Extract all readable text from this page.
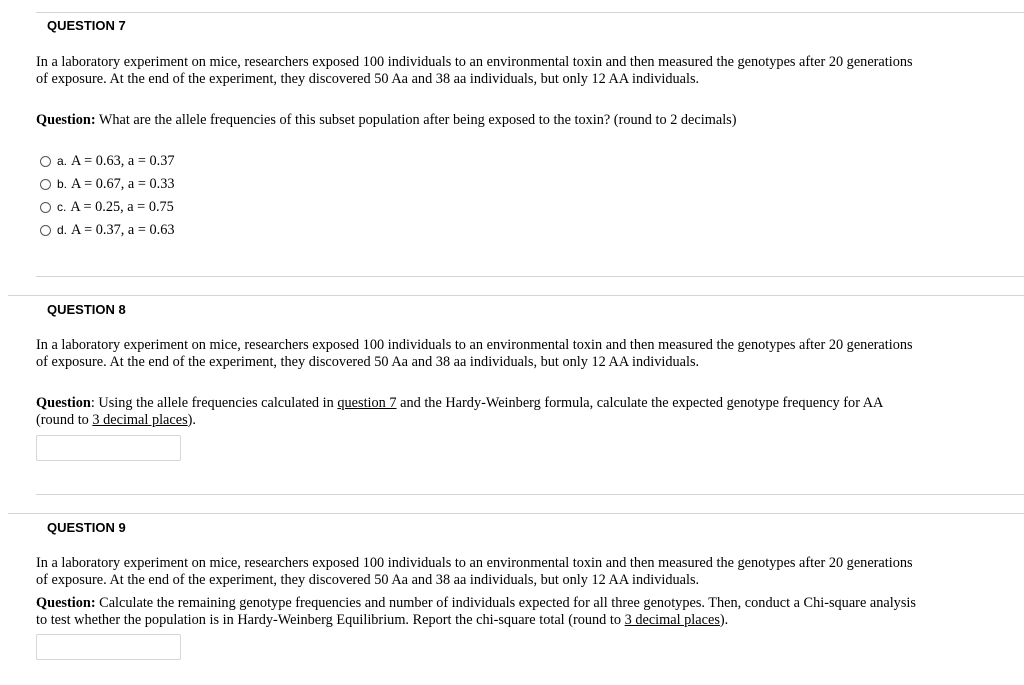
QUESTION 7
In a laboratory experiment on mice, researchers exposed 100 individuals to an environmental toxin and then measured the genotypes after 20 generations
of exposure. At the end of the experiment, they discovered 50 Aa and 38 aa individuals, but only 12 AA individuals.
Question: What are the allele frequencies of this subset population after being exposed to the toxin? (round to 2 decimals)
a. A = 0.63, a = 0.37
b. A = 0.67, a = 0.33
c. A = 0.25, a = 0.75
d. A = 0.37, a = 0.63
QUESTION 8
In a laboratory experiment on mice, researchers exposed 100 individuals to an environmental toxin and then measured the genotypes after 20 generations
of exposure. At the end of the experiment, they discovered 50 Aa and 38 aa individuals, but only 12 AA individuals.
Question: Using the allele frequencies calculated in question 7 and the Hardy-Weinberg formula, calculate the expected genotype frequency for AA
(round to 3 decimal places).
QUESTION 9
In a laboratory experiment on mice, researchers exposed 100 individuals to an environmental toxin and then measured the genotypes after 20 generations
of exposure. At the end of the experiment, they discovered 50 Aa and 38 aa individuals, but only 12 AA individuals.
Question: Calculate the remaining genotype frequencies and number of individuals expected for all three genotypes. Then, conduct a Chi-square analysis
to test whether the population is in Hardy-Weinberg Equilibrium. Report the chi-square total (round to 3 decimal places).
